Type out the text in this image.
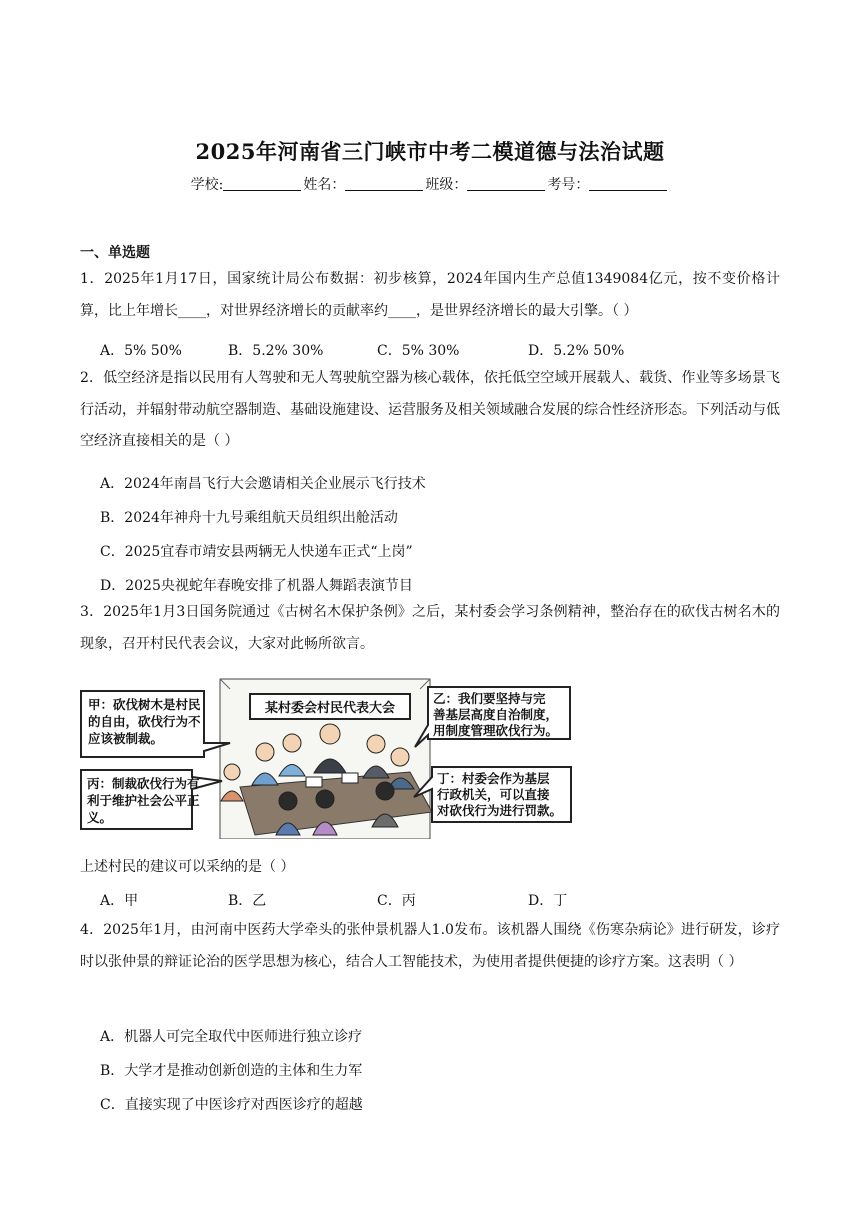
2025年河南省三门峡市中考二模道德与法治试题
学校:	姓名：	班级：	考号：
一、单选题
1．2025年1月17日，国家统计局公布数据：初步核算，2024年国内生产总值1349084亿元，按不变价格计算，比上年增长____，对世界经济增长的贡献率约____，是世界经济增长的最大引擎。（ ）
A．5% 50%	B．5.2% 30%	C．5% 30%	D．5.2% 50%
2．低空经济是指以民用有人驾驶和无人驾驶航空器为核心载体，依托低空空域开展载人、载货、作业等多场景飞行活动，并辐射带动航空器制造、基础设施建设、运营服务及相关领域融合发展的综合性经济形态。下列活动与低空经济直接相关的是（ ）
A．2024年南昌飞行大会邀请相关企业展示飞行技术
B．2024年神舟十九号乘组航天员组织出舱活动
C．2025宜春市靖安县两辆无人快递车正式“上岗”
D．2025央视蛇年春晚安排了机器人舞蹈表演节目
3．2025年1月3日国务院通过《古树名木保护条例》之后，某村委会学习条例精神，整治存在的砍伐古树名木的现象，召开村民代表会议，大家对此畅所欲言。
某村委会村民代表大会
甲：砍伐树木是村民 的自由，砍伐行为不 应该被制裁。
乙：我们要坚持与完 善基层高度自治制度， 用制度管理砍伐行为。
丙：制裁砍伐行为有 利于维护社会公平正 义。
丁：村委会作为基层 行政机关，可以直接 对砍伐行为进行罚款。
上述村民的建议可以采纳的是（ ）
A．甲	B．乙	C．丙	D．丁
4．2025年1月，由河南中医药大学牵头的张仲景机器人1.0发布。该机器人围绕《伤寒杂病论》进行研发，诊疗时以张仲景的辩证论治的医学思想为核心，结合人工智能技术，为使用者提供便捷的诊疗方案。这表明（ ）
A．机器人可完全取代中医师进行独立诊疗
B．大学才是推动创新创造的主体和生力军
C．直接实现了中医诊疗对西医诊疗的超越
